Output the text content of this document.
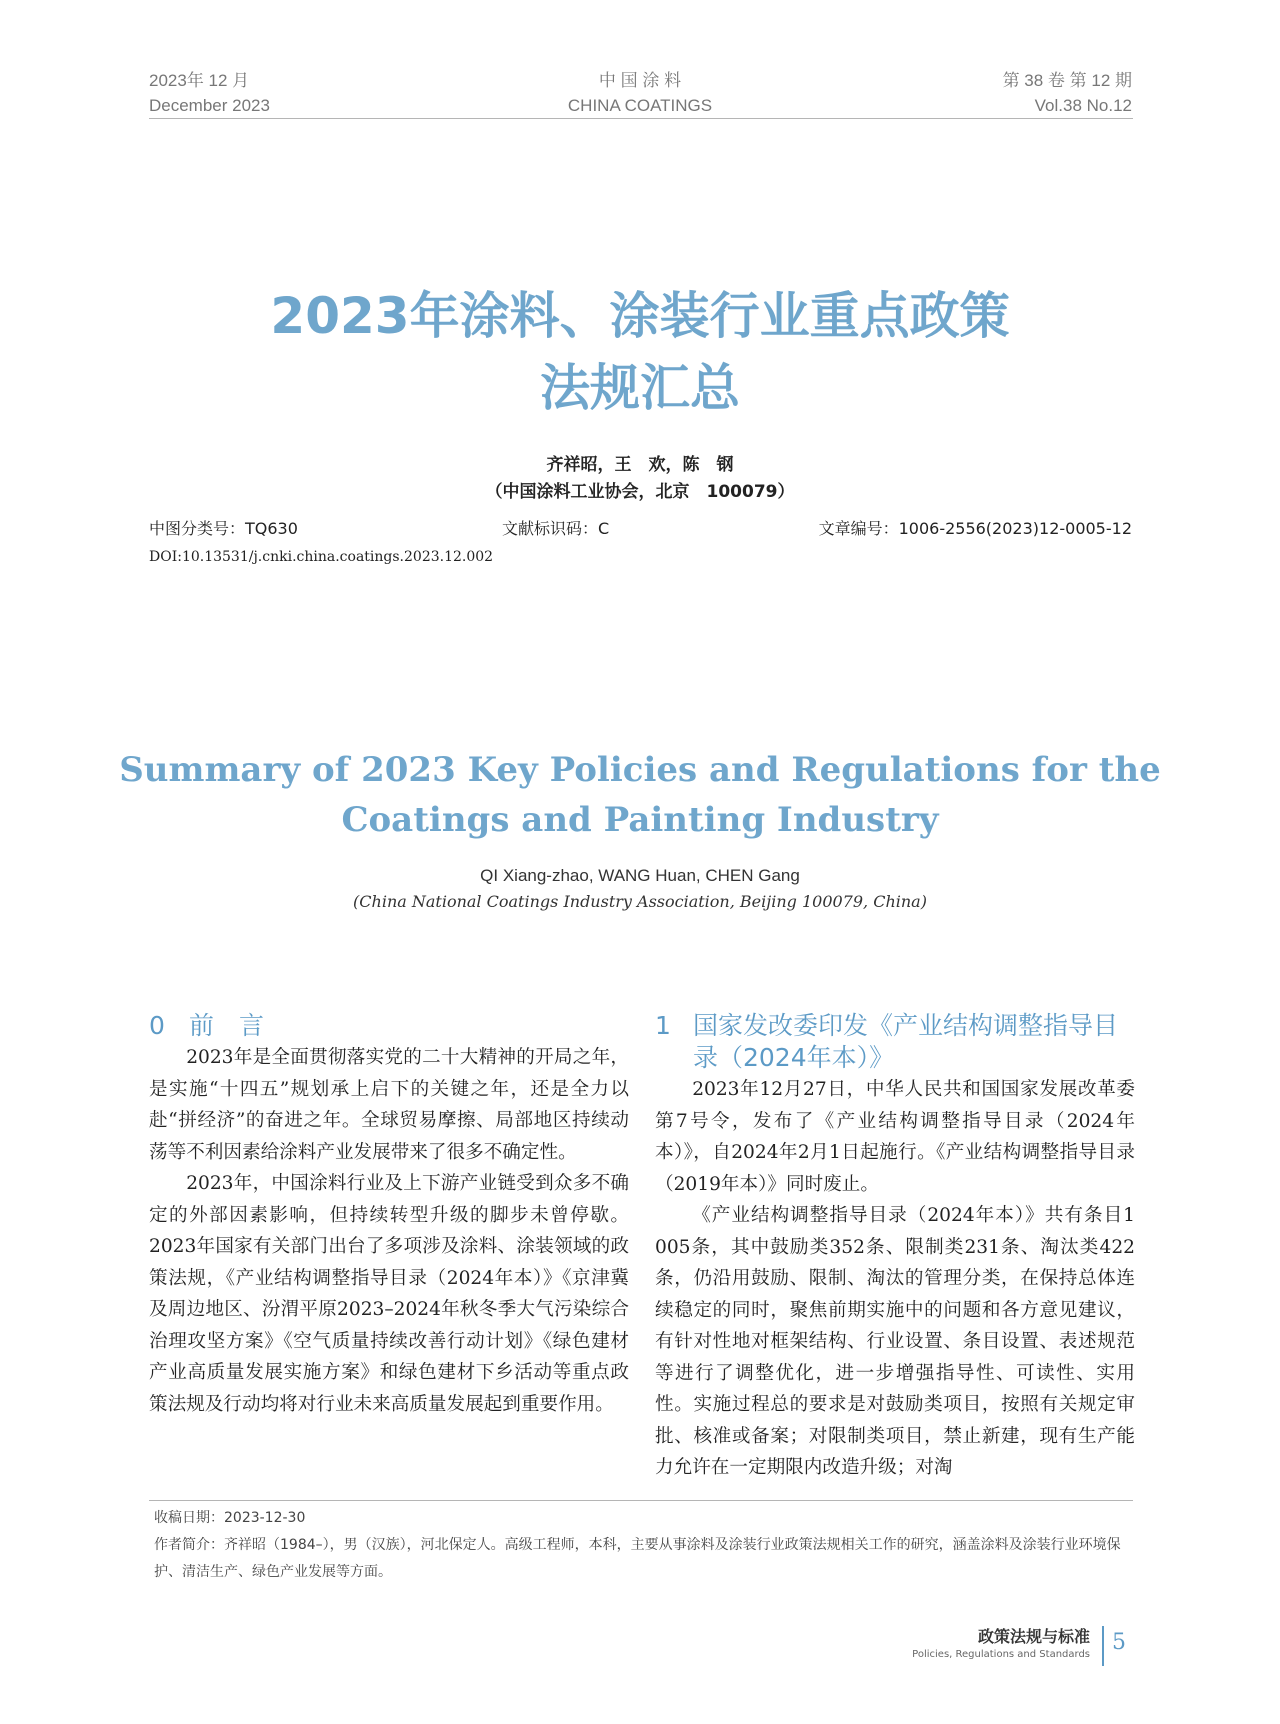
2023年 12 月
December 2023
中 国 涂 料
CHINA COATINGS
第 38 卷 第 12 期
Vol.38 No.12
2023年涂料、涂装行业重点政策
法规汇总
齐祥昭，王　欢，陈　钢
（中国涂料工业协会，北京　100079）
中图分类号：TQ630	文献标识码：C	文章编号：1006-2556(2023)12-0005-12
DOI:10.13531/j.cnki.china.coatings.2023.12.002
Summary of 2023 Key Policies and Regulations for the
Coatings and Painting Industry
QI Xiang-zhao, WANG Huan, CHEN Gang
(China National Coatings Industry Association, Beijing 100079, China)
0 前　言

2023年是全面贯彻落实党的二十大精神的开局之年，是实施“十四五”规划承上启下的关键之年，还是全力以赴“拼经济”的奋进之年。全球贸易摩擦、局部地区持续动荡等不利因素给涂料产业发展带来了很多不确定性。

2023年，中国涂料行业及上下游产业链受到众多不确定的外部因素影响，但持续转型升级的脚步未曾停歇。2023年国家有关部门出台了多项涉及涂料、涂装领域的政策法规，《产业结构调整指导目录（2024年本）》《京津冀及周边地区、汾渭平原2023–2024年秋冬季大气污染综合治理攻坚方案》《空气质量持续改善行动计划》《绿色建材产业高质量发展实施方案》和绿色建材下乡活动等重点政策法规及行动均将对行业未来高质量发展起到重要作用。

1 国家发改委印发《产业结构调整指导目录（2024年本）》

2023年12月27日，中华人民共和国国家发展改革委第7号令，发布了《产业结构调整指导目录（2024年本）》，自2024年2月1日起施行。《产业结构调整指导目录（2019年本）》同时废止。

《产业结构调整指导目录（2024年本）》共有条目1 005条，其中鼓励类352条、限制类231条、淘汰类422条，仍沿用鼓励、限制、淘汰的管理分类，在保持总体连续稳定的同时，聚焦前期实施中的问题和各方意见建议，有针对性地对框架结构、行业设置、条目设置、表述规范等进行了调整优化，进一步增强指导性、可读性、实用性。实施过程总的要求是对鼓励类项目，按照有关规定审批、核准或备案；对限制类项目，禁止新建，现有生产能力允许在一定期限内改造升级；对淘

收稿日期：2023-12-30
作者简介：齐祥昭（1984–），男（汉族），河北保定人。高级工程师，本科，主要从事涂料及涂装行业政策法规相关工作的研究，涵盖涂料及涂装行业环境保护、清洁生产、绿色产业发展等方面。
政策法规与标准
Policies, Regulations and Standards 5
